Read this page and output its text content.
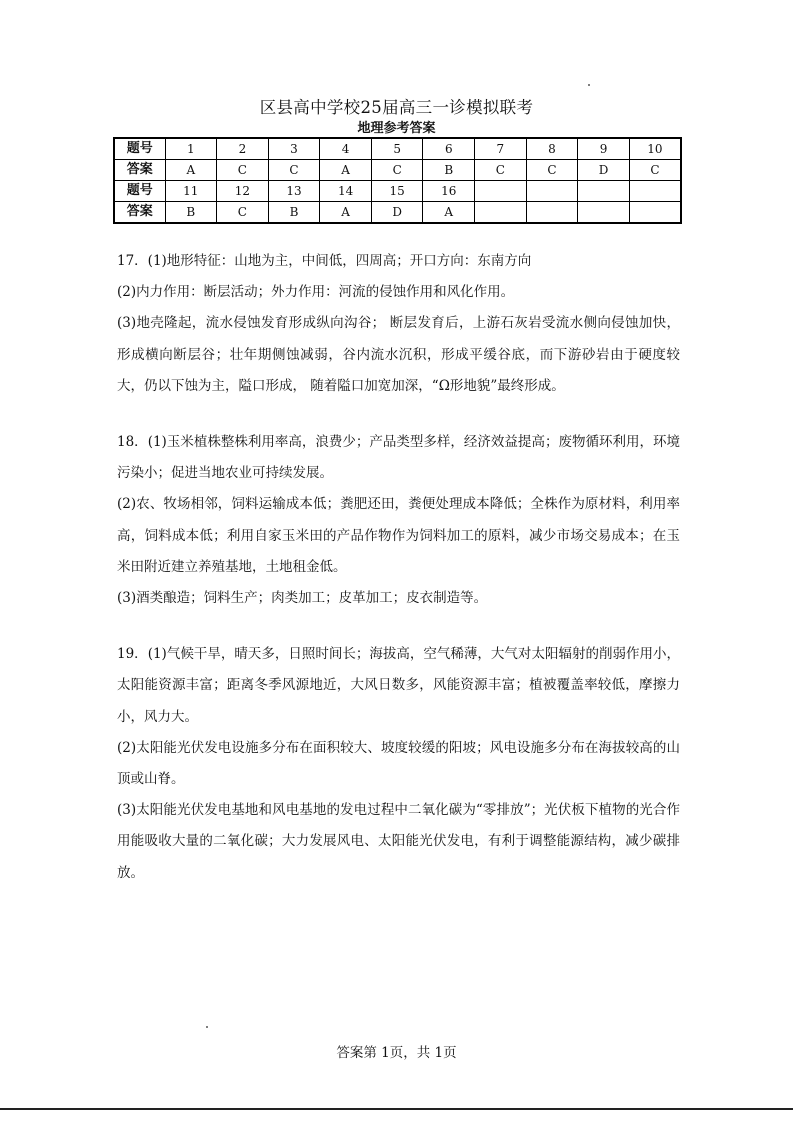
区县高中学校25届高三一诊模拟联考
地理参考答案
题号	1	2	3	4	5	6	7	8	9	10
答案	A	C	C	A	C	B	C	C	D	C
题号	11	12	13	14	15	16				
答案	B	C	B	A	D	A				

17．(1)地形特征：山地为主，中间低，四周高；开口方向：东南方向

(2)内力作用：断层活动；外力作用：河流的侵蚀作用和风化作用。

(3)地壳隆起，流水侵蚀发育形成纵向沟谷； 断层发育后，上游石灰岩受流水侧向侵蚀加快，形成横向断层谷；壮年期侧蚀减弱，谷内流水沉积，形成平缓谷底，而下游砂岩由于硬度较大，仍以下蚀为主，隘口形成， 随着隘口加宽加深，“Ω形地貌”最终形成。

18．(1)玉米植株整株利用率高，浪费少；产品类型多样，经济效益提高；废物循环利用，环境污染小；促进当地农业可持续发展。

(2)农、牧场相邻，饲料运输成本低；粪肥还田，粪便处理成本降低；全株作为原材料，利用率高，饲料成本低；利用自家玉米田的产品作物作为饲料加工的原料，减少市场交易成本；在玉米田附近建立养殖基地，土地租金低。

(3)酒类酿造；饲料生产；肉类加工；皮革加工；皮衣制造等。

19．(1)气候干旱，晴天多，日照时间长；海拔高，空气稀薄，大气对太阳辐射的削弱作用小，太阳能资源丰富；距离冬季风源地近，大风日数多，风能资源丰富；植被覆盖率较低，摩擦力小，风力大。

(2)太阳能光伏发电设施多分布在面积较大、坡度较缓的阳坡；风电设施多分布在海拔较高的山顶或山脊。

(3)太阳能光伏发电基地和风电基地的发电过程中二氧化碳为“零排放”；光伏板下植物的光合作用能吸收大量的二氧化碳；大力发展风电、太阳能光伏发电，有利于调整能源结构，减少碳排放。

答案第 1页，共 1页
